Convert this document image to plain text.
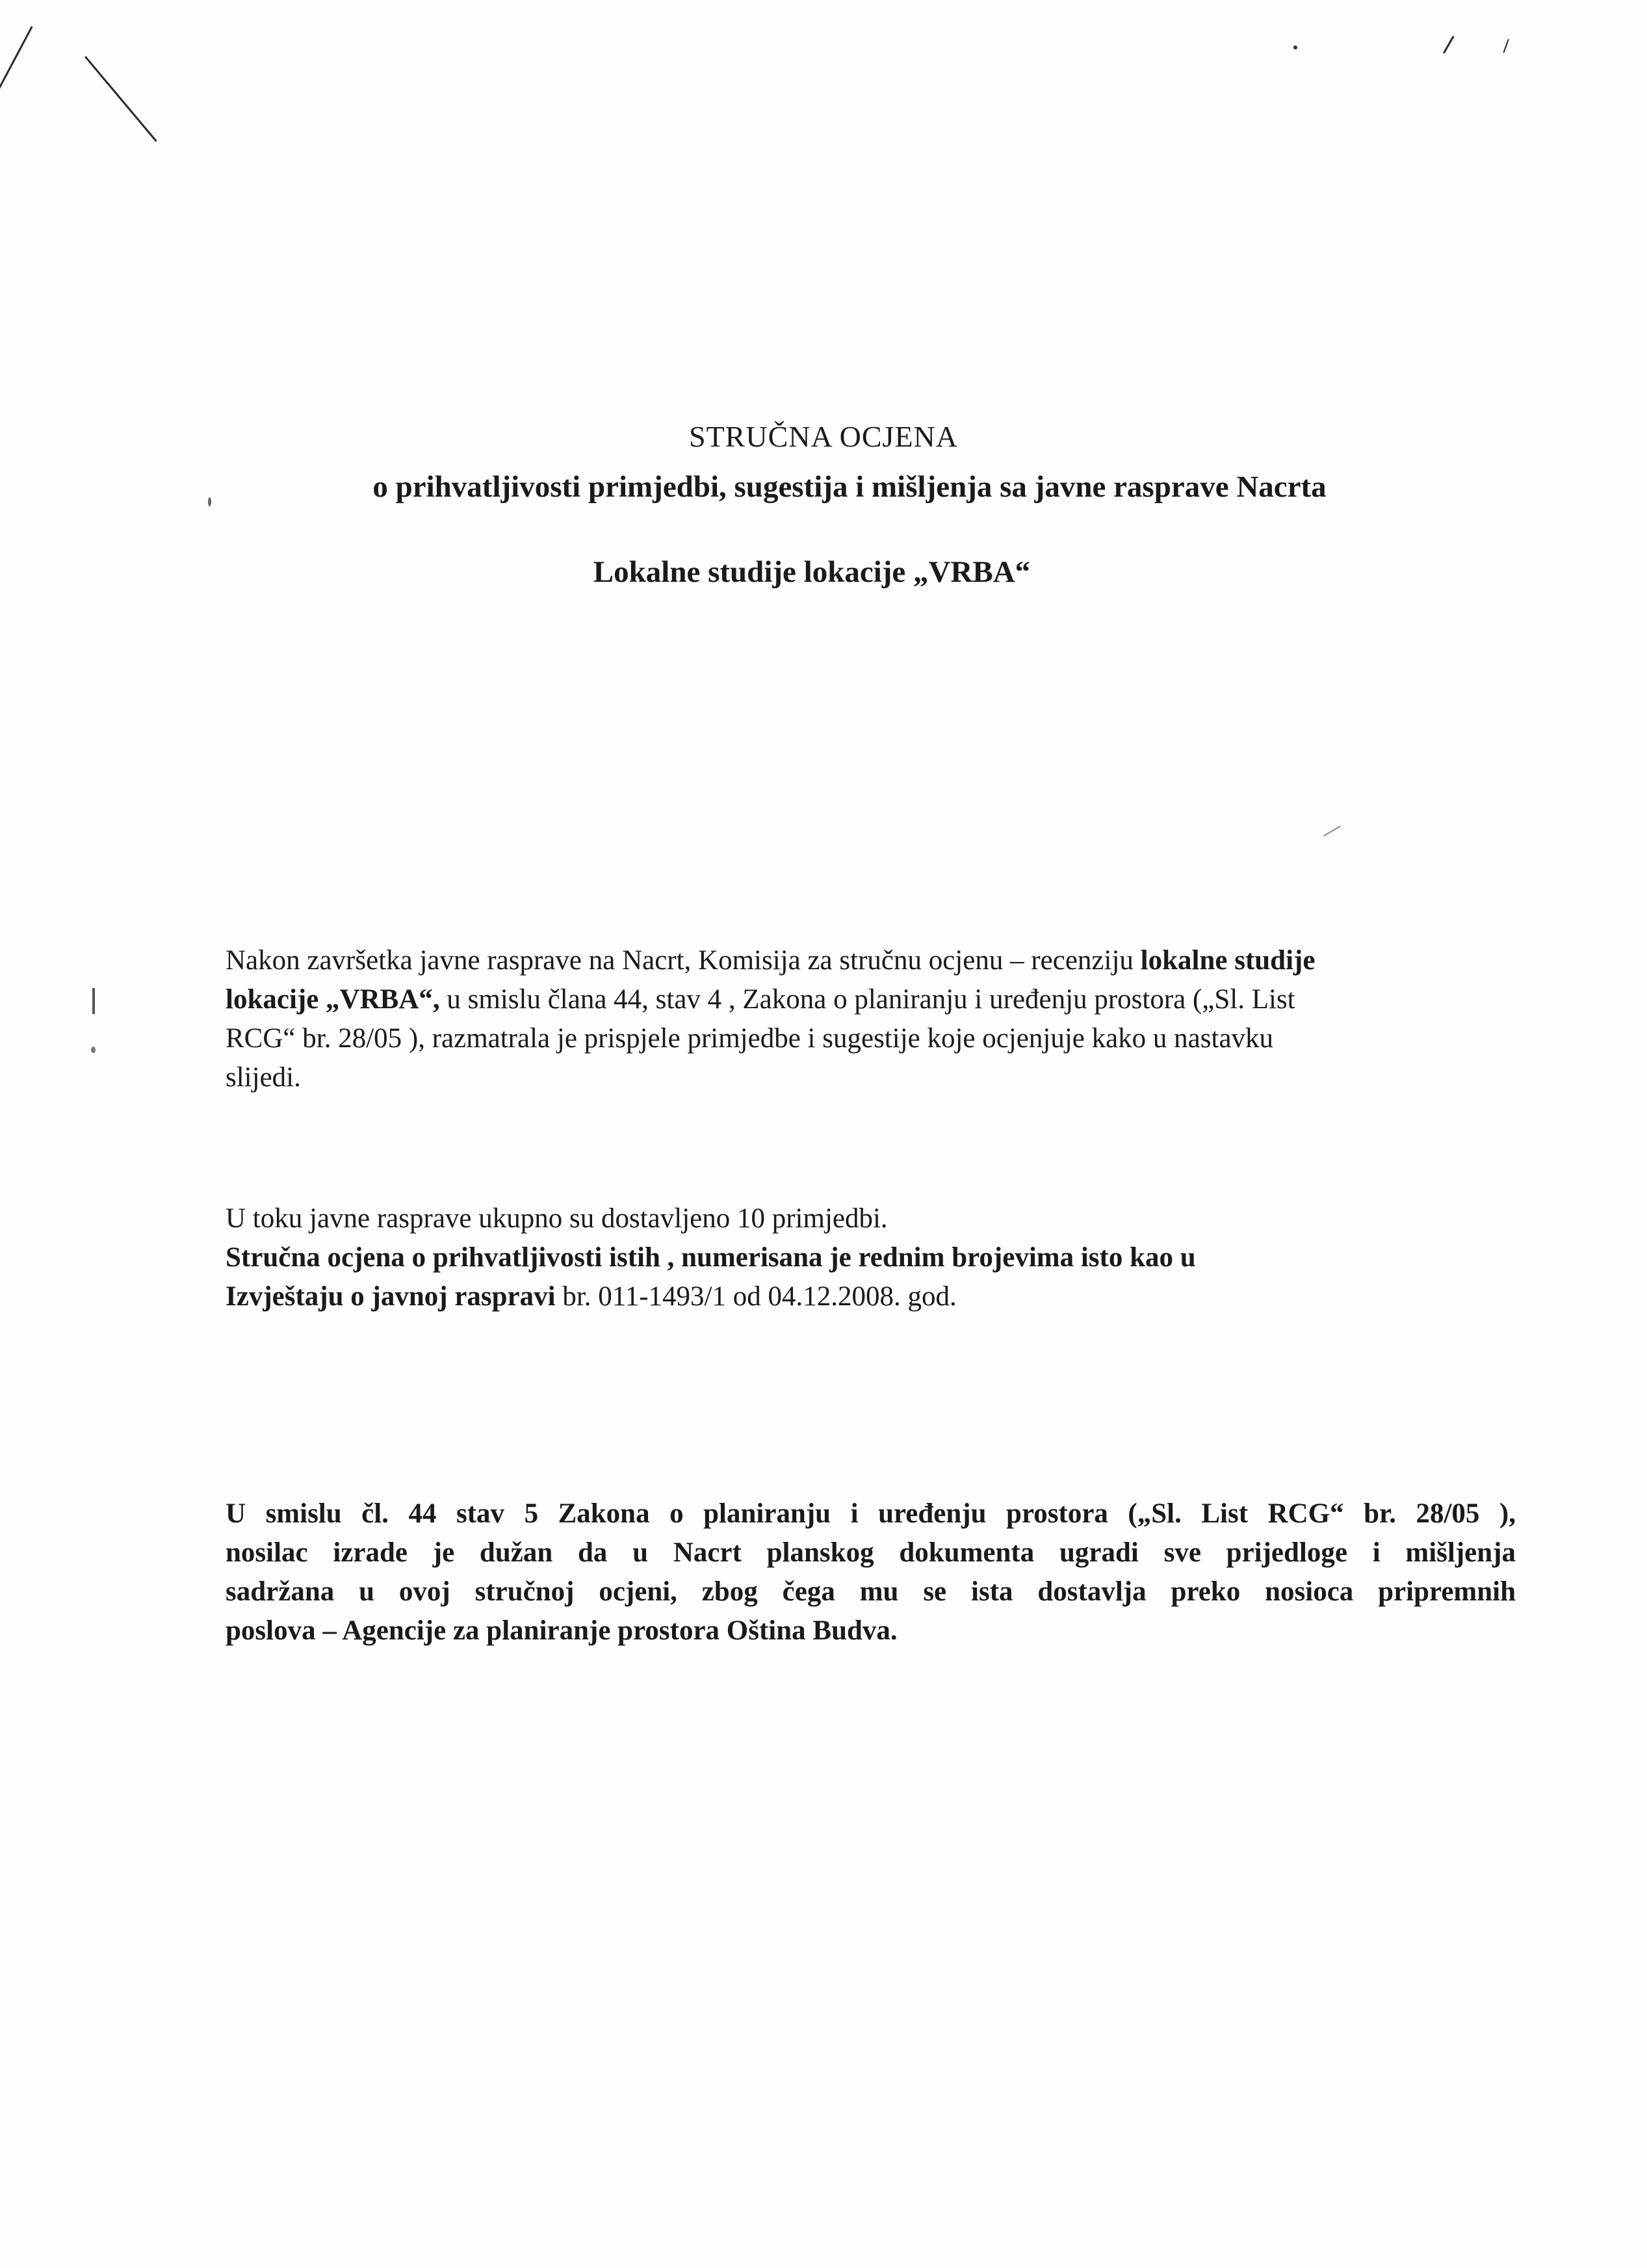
STRUČNA OCJENA
o prihvatljivosti primjedbi, sugestija i mišljenja sa javne rasprave Nacrta
Lokalne studije lokacije „VRBA“
Nakon završetka javne rasprave na Nacrt, Komisija za stručnu ocjenu – recenziju lokalne studije
lokacije „VRBA“, u smislu člana 44, stav 4 , Zakona o planiranju i uređenju prostora („Sl. List
RCG“ br. 28/05 ), razmatrala je prispjele primjedbe i sugestije koje ocjenjuje kako u nastavku
slijedi.
U toku javne rasprave ukupno su dostavljeno 10 primjedbi.
Stručna ocjena o prihvatljivosti istih , numerisana je rednim brojevima isto kao u
Izvještaju o javnoj raspravi br. 011-1493/1 od 04.12.2008. god.
U smislu čl. 44 stav 5 Zakona o planiranju i uređenju prostora („Sl. List RCG“ br. 28/05 ),
nosilac izrade je dužan da u Nacrt planskog dokumenta ugradi sve prijedloge i mišljenja
sadržana u ovoj stručnoj ocjeni, zbog čega mu se ista dostavlja preko nosioca pripremnih
poslova – Agencije za planiranje prostora Oština Budva.
